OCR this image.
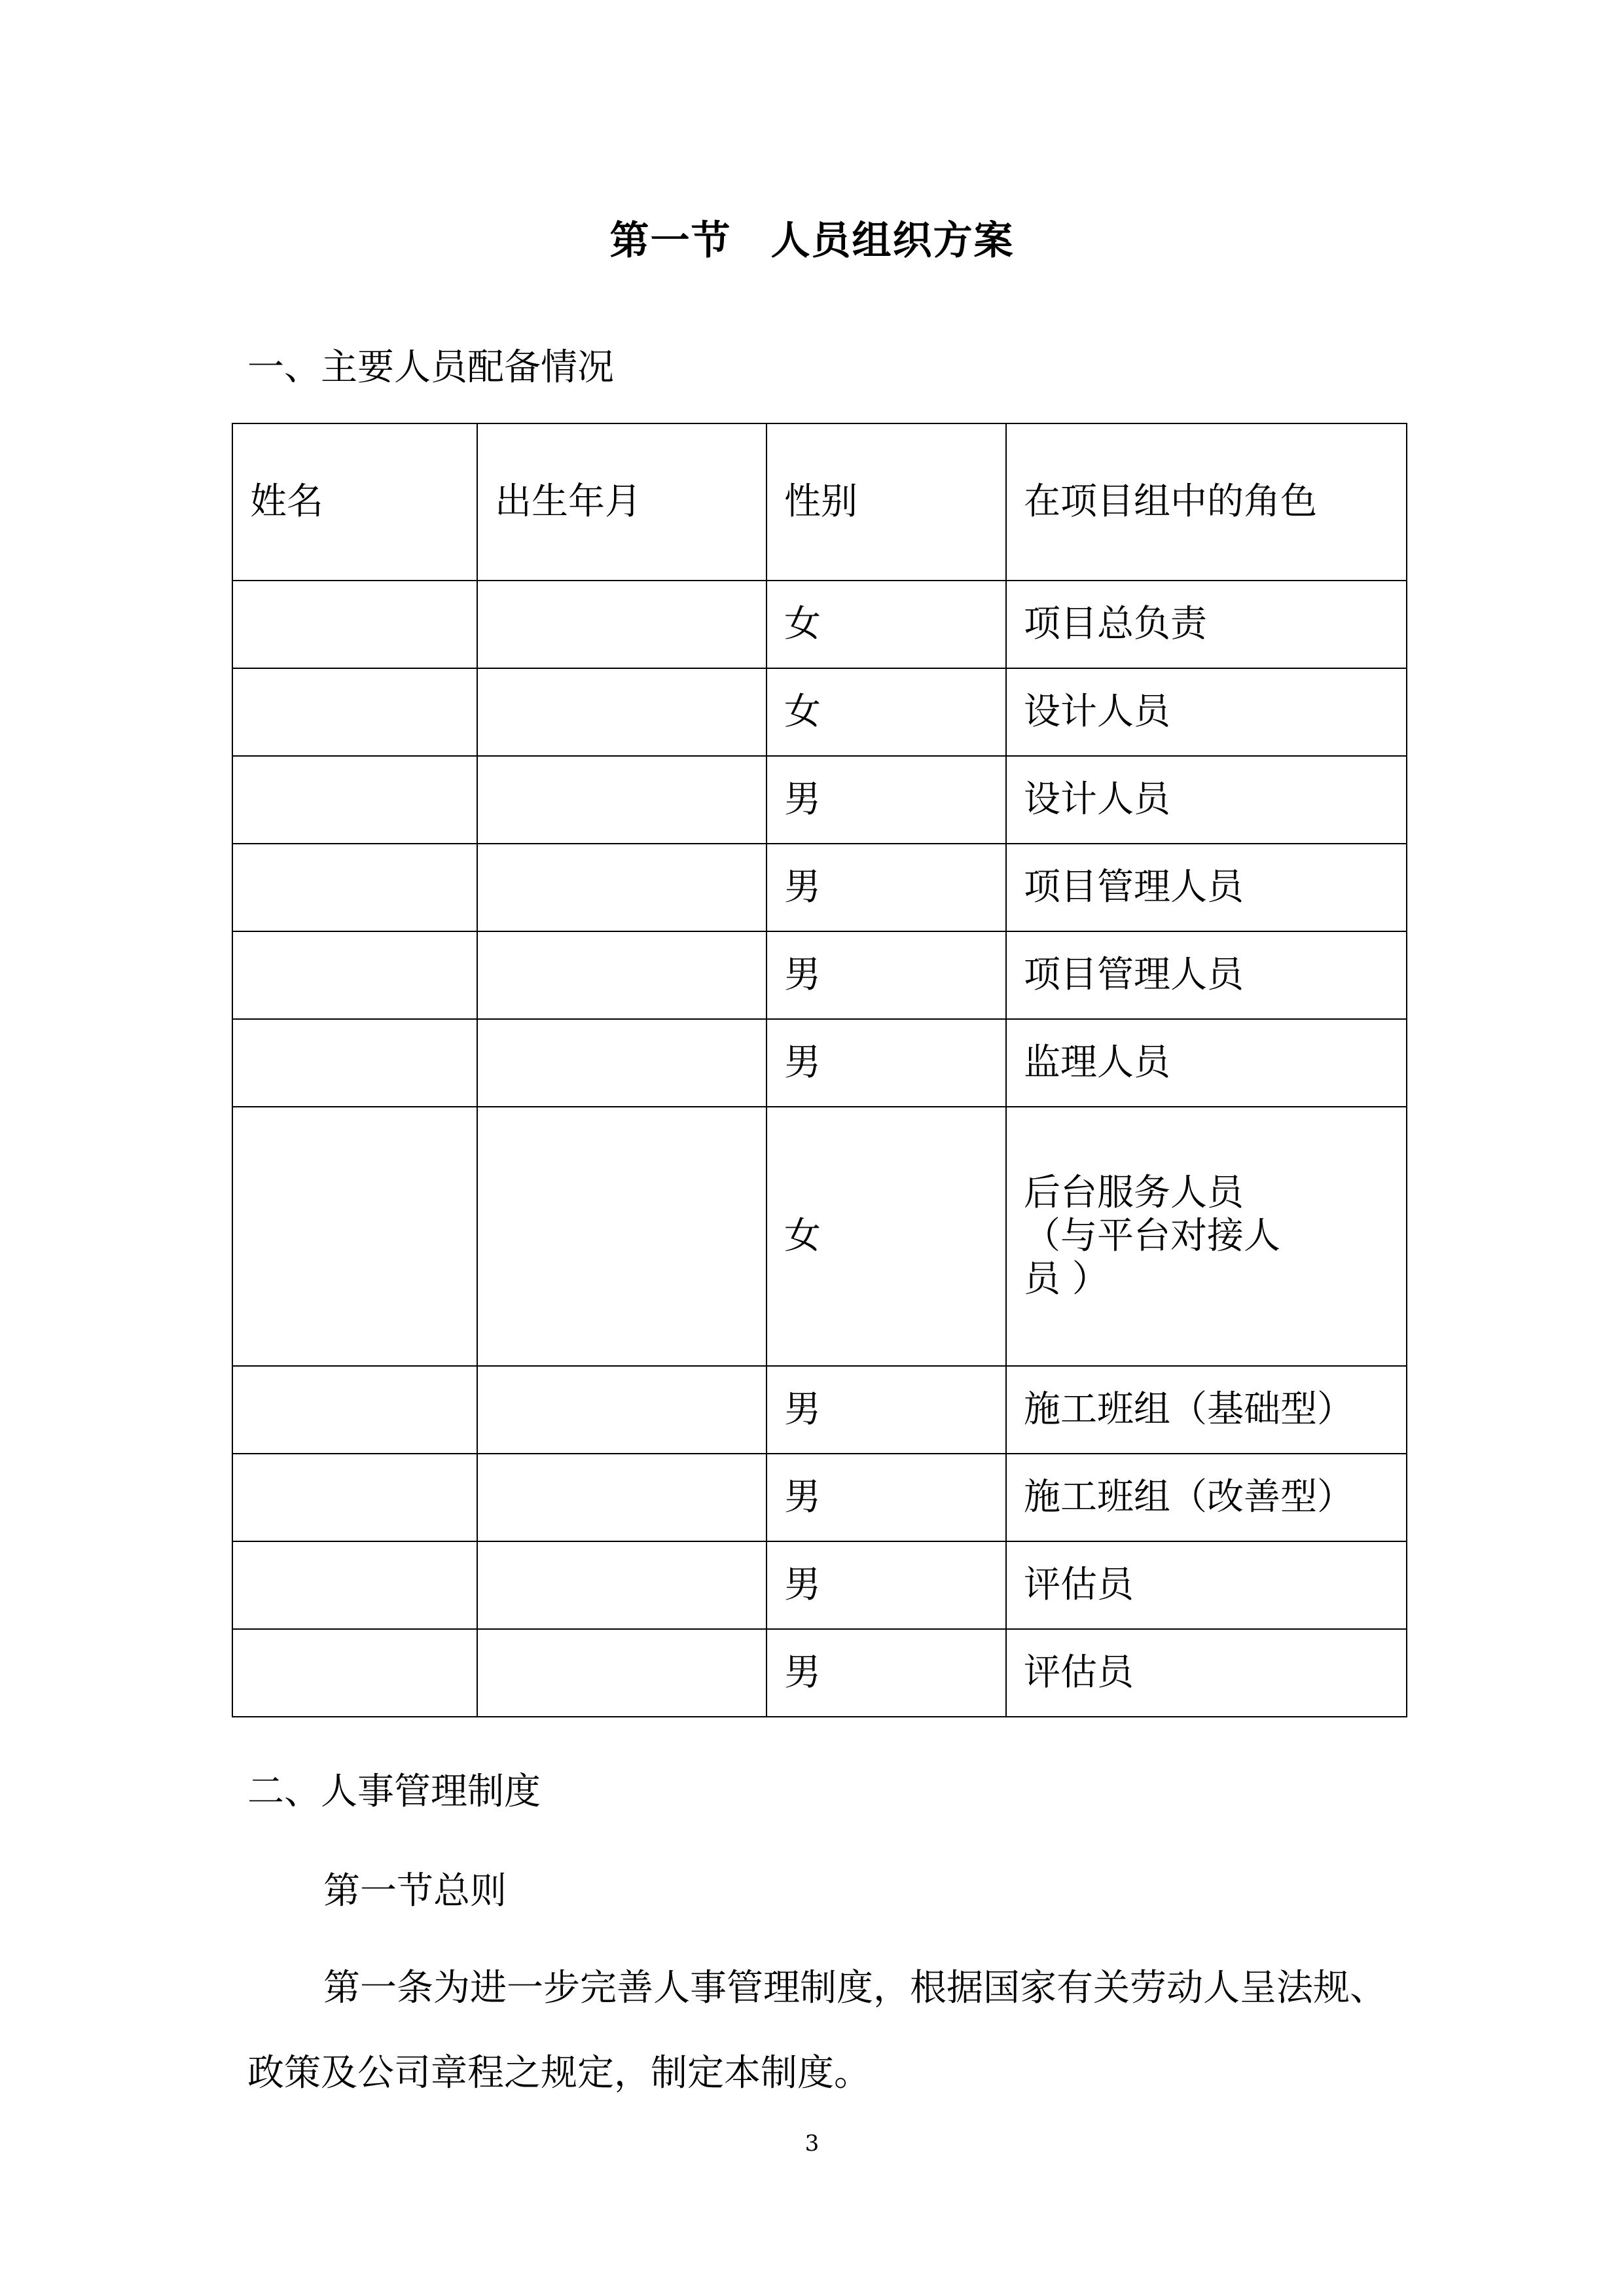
第一节 人员组织方案
一、主要人员配备情况
姓名	出生年月	性别	在项目组中的角色
		女	项目总负责
		女	设计人员
		男	设计人员
		男	项目管理人员
		男	项目管理人员
		男	监理人员
		女	后台服务人员
（与平台对接人
员 ）

		男	施工班组（基础型）
		男	施工班组（改善型）
		男	评估员
		男	评估员
二、人事管理制度
第一节总则
第一条为进一步完善人事管理制度，根据国家有关劳动人呈法规、
政策及公司章程之规定，制定本制度。
3
